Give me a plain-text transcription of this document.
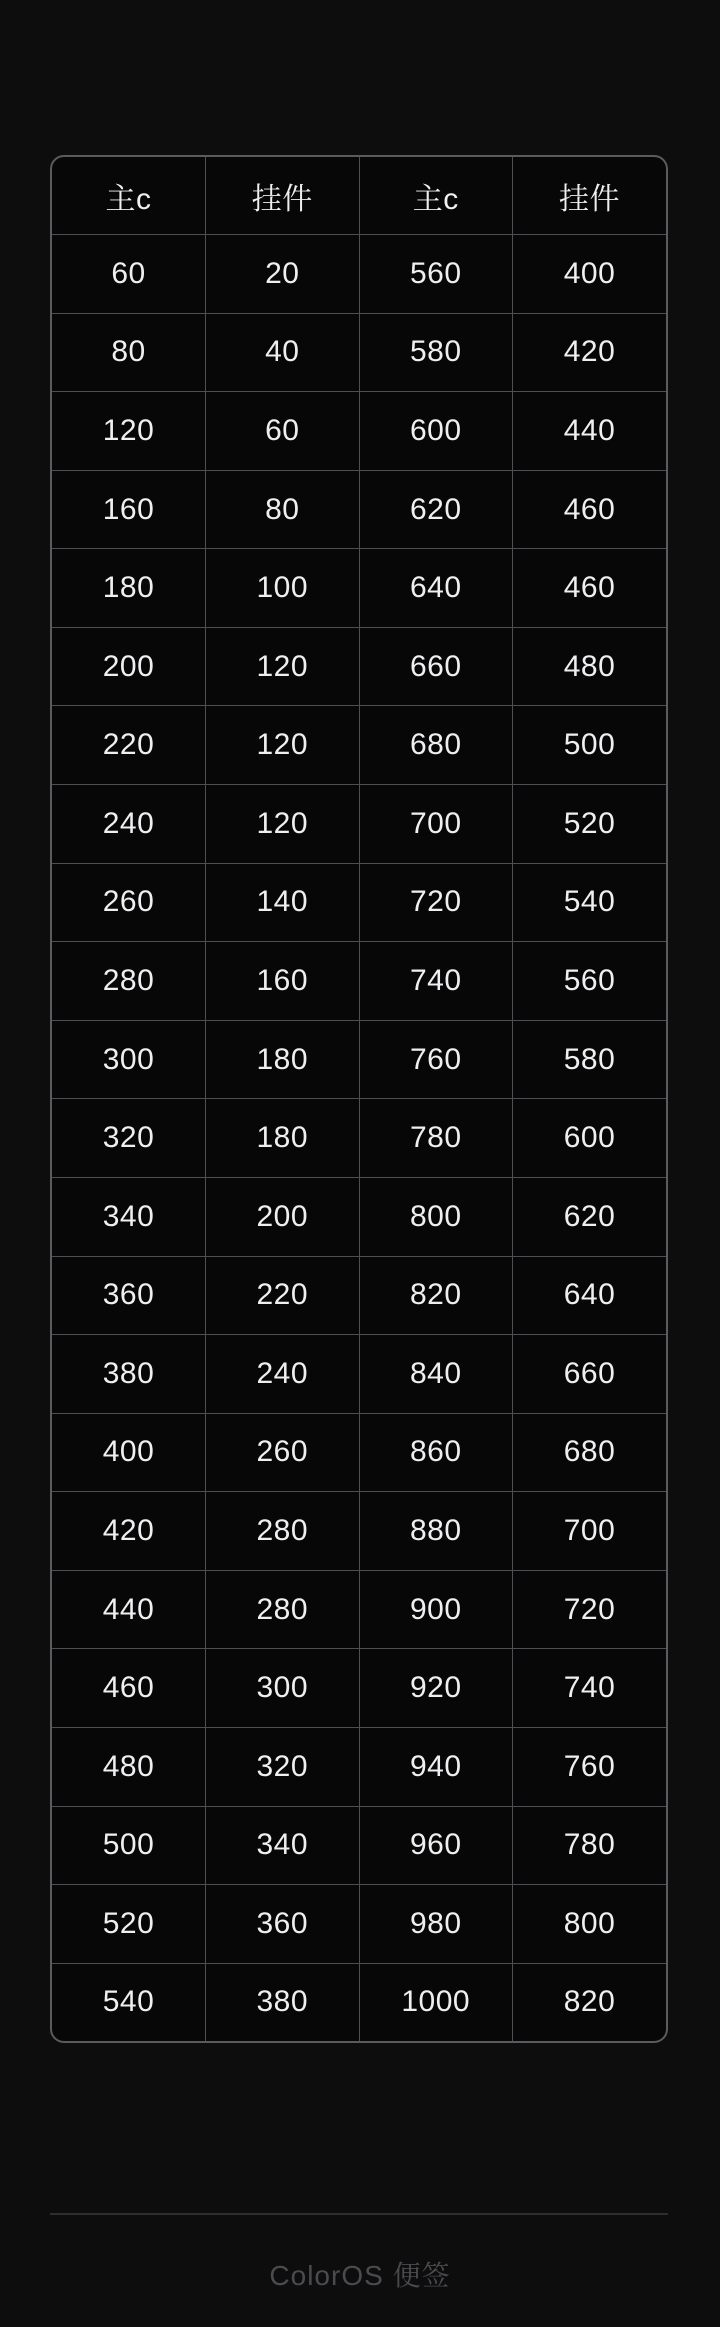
主c	挂件	主c	挂件
60	20	560	400
80	40	580	420
120	60	600	440
160	80	620	460
180	100	640	460
200	120	660	480
220	120	680	500
240	120	700	520
260	140	720	540
280	160	740	560
300	180	760	580
320	180	780	600
340	200	800	620
360	220	820	640
380	240	840	660
400	260	860	680
420	280	880	700
440	280	900	720
460	300	920	740
480	320	940	760
500	340	960	780
520	360	980	800
540	380	1000	820
ColorOS 便签
